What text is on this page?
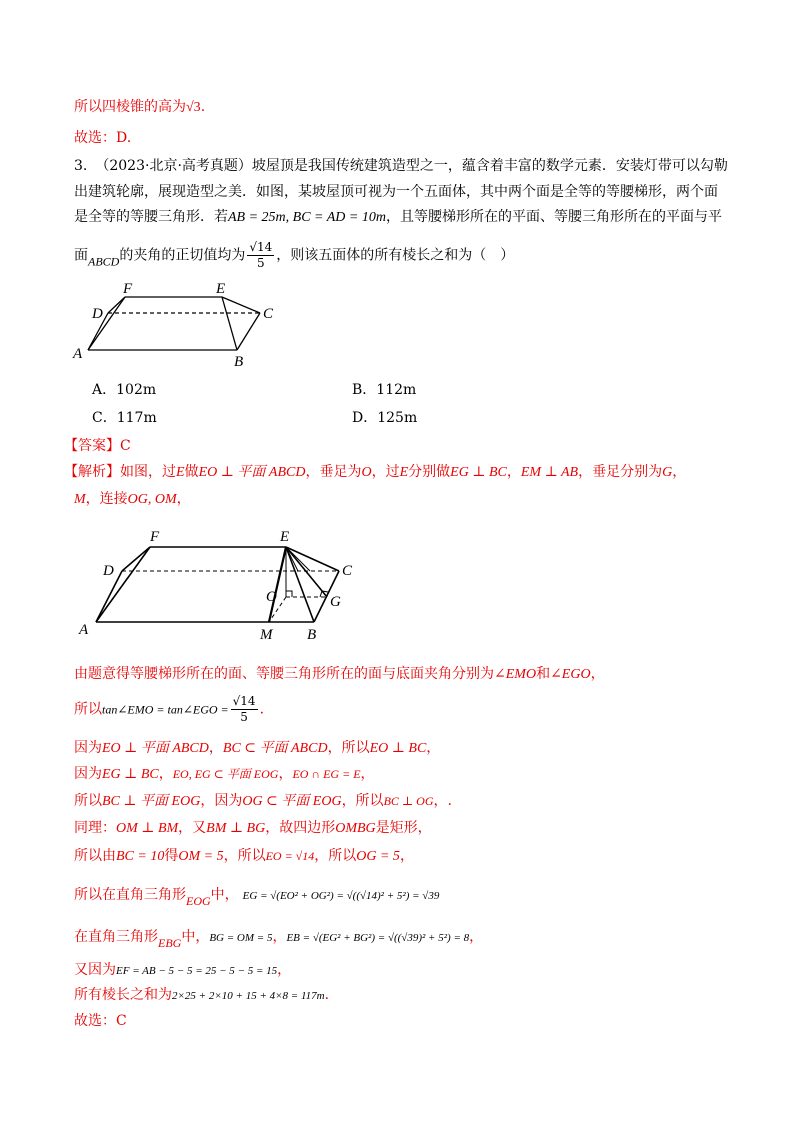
所以四棱锥的高为√3.
故选：D.
3. （2023·北京·高考真题）坡屋顶是我国传统建筑造型之一，蕴含着丰富的数学元素．安装灯带可以勾勒
出建筑轮廓，展现造型之美．如图，某坡屋顶可视为一个五面体，其中两个面是全等的等腰梯形，两个面
是全等的等腰三角形．若AB = 25m, BC = AD = 10m，且等腰梯形所在的平面、等腰三角形所在的平面与平
面ABCD的夹角的正切值均为 $\frac{√14}{5}$ ，则该五面体的所有棱长之和为（　）
F	E
D	C
A	B
A．102m	B．112m
C．117m	D．125m
【答案】C
【解析】如图，过E做EO ⊥ 平面 ABCD，垂足为O，过E分别做EG ⊥ BC，EM ⊥ AB，垂足分别为G，
M，连接OG, OM，
F	E
D	C
O	G
A	M B
由题意得等腰梯形所在的面、等腰三角形所在的面与底面夹角分别为∠EMO和∠EGO，
所以tan∠EMO = tan∠EGO = $\frac{√14}{5}$ .
因为EO ⊥ 平面 ABCD，BC ⊂ 平面 ABCD，所以EO ⊥ BC，
因为EG ⊥ BC，EO, EG ⊂ 平面 EOG，EO ∩ EG = E，
所以BC ⊥ 平面 EOG，因为OG ⊂ 平面 EOG，所以BC ⊥ OG，.
同理：OM ⊥ BM，又BM ⊥ BG，故四边形OMBG是矩形，
所以由BC = 10得OM = 5，所以EO = √14，所以OG = 5，
所以在直角三角形EOG中， EG = √(EO² + OG²) = √((√14)² + 5²) = √39
在直角三角形EBG中，BG = OM = 5，EB = √(EG² + BG²) = √((√39)² + 5²) = 8，
又因为EF = AB − 5 − 5 = 25 − 5 − 5 = 15，
所有棱长之和为2×25 + 2×10 + 15 + 4×8 = 117m.
故选：C
